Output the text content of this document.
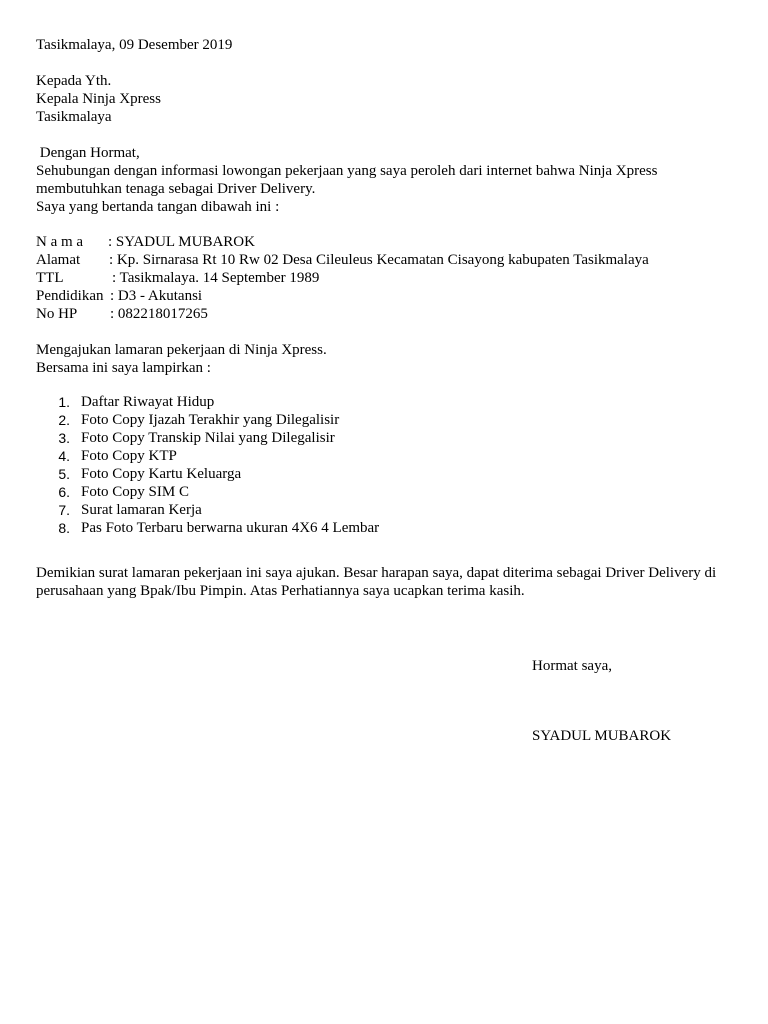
Tasikmalaya, 09 Desember 2019
Kepada Yth.
Kepala Ninja Xpress
Tasikmalaya
Dengan Hormat,
Sehubungan dengan informasi lowongan pekerjaan yang saya peroleh dari internet bahwa Ninja Xpress
membutuhkan tenaga sebagai Driver Delivery.
Saya yang bertanda tangan dibawah ini :
N a m a : SYADUL MUBAROK
Alamat : Kp. Sirnarasa Rt 10 Rw 02 Desa Cileuleus Kecamatan Cisayong kabupaten Tasikmalaya
TTL	: Tasikmalaya. 14 September 1989
Pendidikan : D3 - Akutansi
No HP : 082218017265
Mengajukan lamaran pekerjaan di Ninja Xpress.
Bersama ini saya lampirkan :
1. Daftar Riwayat Hidup
2. Foto Copy Ijazah Terakhir yang Dilegalisir
3. Foto Copy Transkip Nilai yang Dilegalisir
4. Foto Copy KTP
5. Foto Copy Kartu Keluarga
6. Foto Copy SIM C
7. Surat lamaran Kerja
8. Pas Foto Terbaru berwarna ukuran 4X6 4 Lembar
Demikian surat lamaran pekerjaan ini saya ajukan. Besar harapan saya, dapat diterima sebagai Driver Delivery di
perusahaan yang Bpak/Ibu Pimpin. Atas Perhatiannya saya ucapkan terima kasih.
Hormat saya,
SYADUL MUBAROK
